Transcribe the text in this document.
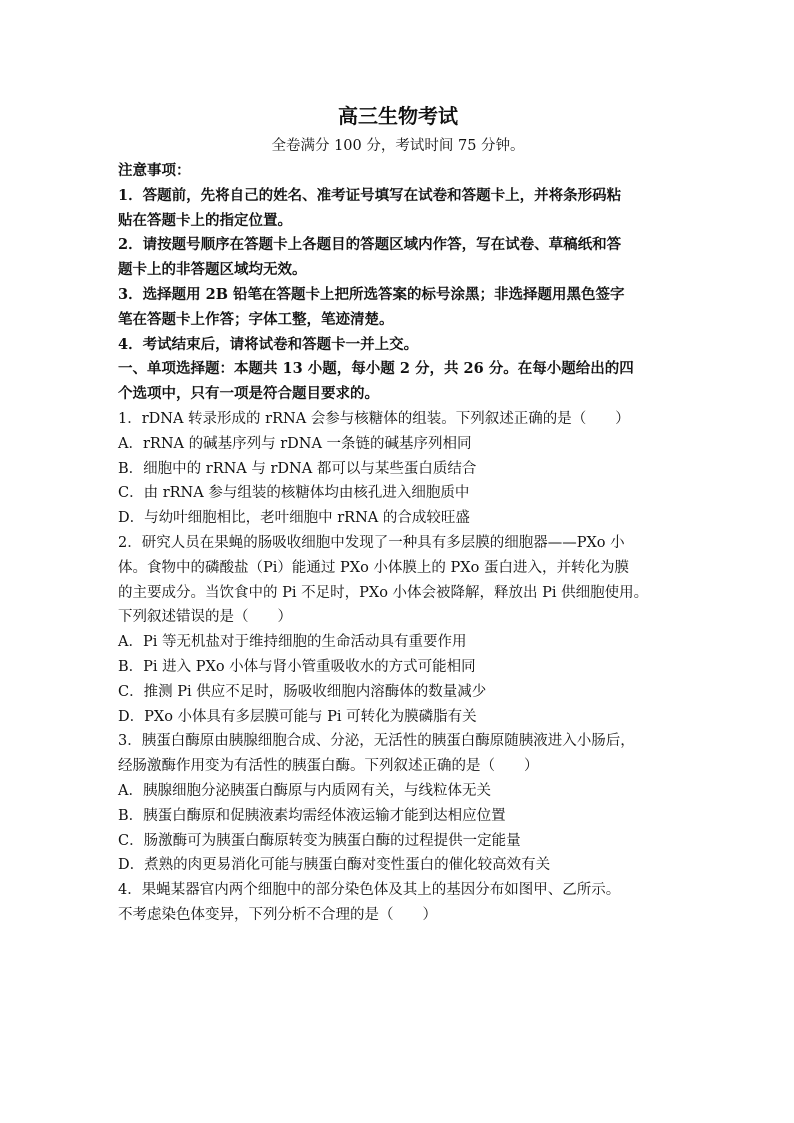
高三生物考试

全卷满分 100 分，考试时间 75 分钟。

注意事项：

1．答题前，先将自己的姓名、准考证号填写在试卷和答题卡上，并将条形码粘

贴在答题卡上的指定位置。

2．请按题号顺序在答题卡上各题目的答题区域内作答，写在试卷、草稿纸和答

题卡上的非答题区域均无效。

3．选择题用 2B 铅笔在答题卡上把所选答案的标号涂黑；非选择题用黑色签字

笔在答题卡上作答；字体工整，笔迹清楚。

4．考试结束后，请将试卷和答题卡一并上交。

一、单项选择题：本题共 13 小题，每小题 2 分，共 26 分。在每小题给出的四

个选项中，只有一项是符合题目要求的。

1．rDNA 转录形成的 rRNA 会参与核糖体的组装。下列叙述正确的是（　　）

A．rRNA 的碱基序列与 rDNA 一条链的碱基序列相同

B．细胞中的 rRNA 与 rDNA 都可以与某些蛋白质结合

C．由 rRNA 参与组装的核糖体均由核孔进入细胞质中

D．与幼叶细胞相比，老叶细胞中 rRNA 的合成较旺盛

2．研究人员在果蝇的肠吸收细胞中发现了一种具有多层膜的细胞器——PXo 小

体。食物中的磷酸盐（Pi）能通过 PXo 小体膜上的 PXo 蛋白进入，并转化为膜

的主要成分。当饮食中的 Pi 不足时，PXo 小体会被降解，释放出 Pi 供细胞使用。

下列叙述错误的是（　　）

A．Pi 等无机盐对于维持细胞的生命活动具有重要作用

B．Pi 进入 PXo 小体与肾小管重吸收水的方式可能相同

C．推测 Pi 供应不足时，肠吸收细胞内溶酶体的数量减少

D．PXo 小体具有多层膜可能与 Pi 可转化为膜磷脂有关

3．胰蛋白酶原由胰腺细胞合成、分泌，无活性的胰蛋白酶原随胰液进入小肠后，

经肠激酶作用变为有活性的胰蛋白酶。下列叙述正确的是（　　）

A．胰腺细胞分泌胰蛋白酶原与内质网有关，与线粒体无关

B．胰蛋白酶原和促胰液素均需经体液运输才能到达相应位置

C．肠激酶可为胰蛋白酶原转变为胰蛋白酶的过程提供一定能量

D．煮熟的肉更易消化可能与胰蛋白酶对变性蛋白的催化较高效有关

4．果蝇某器官内两个细胞中的部分染色体及其上的基因分布如图甲、乙所示。

不考虑染色体变异，下列分析不合理的是（　　）
